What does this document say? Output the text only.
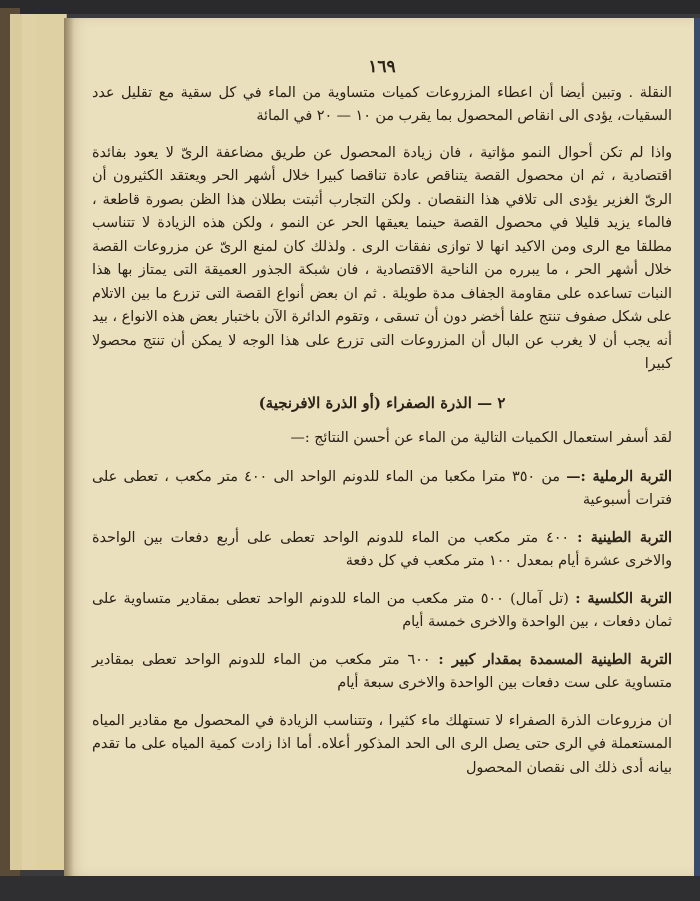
١٦٩

النقلة . وتبين أيضا أن اعطاء المزروعات كميات متساوية من الماء في كل سقية مع تقليل عدد السقيات، يؤدى الى انقاص المحصول بما يقرب من ١٠ — ٢٠ في المائة

واذا لم تكن أحوال النمو مؤاتية ، فان زيادة المحصول عن طريق مضاعفة الرىّ لا يعود بفائدة اقتصادية ، ثم ان محصول القصة يتناقص عادة تناقصا كبيرا خلال أشهر الحر ويعتقد الكثيرون أن الرىّ الغزير يؤدى الى تلافي هذا النقصان . ولكن التجارب أثبتت بطلان هذا الظن بصورة قاطعة ، فالماء يزيد قليلا في محصول القصة حينما يعيقها الحر عن النمو ، ولكن هذه الزيادة لا تتناسب مطلقا مع الرى ومن الاكيد انها لا توازى نفقات الرى . ولذلك كان لمنع الرىّ عن مزروعات القصة خلال أشهر الحر ، ما يبرره من الناحية الاقتصادية ، فان شبكة الجذور العميقة التى يمتاز بها هذا النبات تساعده على مقاومة الجفاف مدة طويلة . ثم ان بعض أنواع القصة التى تزرع ما بين الاتلام على شكل صفوف تنتج علفا أخضر دون أن تسقى ، وتقوم الدائرة الآن باختبار بعض هذه الانواع ، بيد أنه يجب أن لا يغرب عن البال أن المزروعات التى تزرع على هذا الوجه لا يمكن أن تنتج محصولا كبيرا

٢ — الذرة الصفراء (أو الذرة الافرنجية)

لقد أسفر استعمال الكميات التالية من الماء عن أحسن النتائج :—

التربة الرملية :— من ٣٥٠ مترا مكعبا من الماء للدونم الواحد الى ٤٠٠ متر مكعب ، تعطى على فترات أسبوعية

التربة الطينية : ٤٠٠ متر مكعب من الماء للدونم الواحد تعطى على أربع دفعات بين الواحدة والاخرى عشرة أيام بمعدل ١٠٠ متر مكعب في كل دفعة

التربة الكلسية : (تل آمال) ٥٠٠ متر مكعب من الماء للدونم الواحد تعطى بمقادير متساوية على ثمان دفعات ، بين الواحدة والاخرى خمسة أيام

التربة الطينية المسمدة بمقدار كبير : ٦٠٠ متر مكعب من الماء للدونم الواحد تعطى بمقادير متساوية على ست دفعات بين الواحدة والاخرى سبعة أيام

ان مزروعات الذرة الصفراء لا تستهلك ماء كثيرا ، وتتناسب الزيادة في المحصول مع مقادير المياه المستعملة في الرى حتى يصل الرى الى الحد المذكور أعلاه. أما اذا زادت كمية المياه على ما تقدم بيانه أدى ذلك الى نقصان المحصول
